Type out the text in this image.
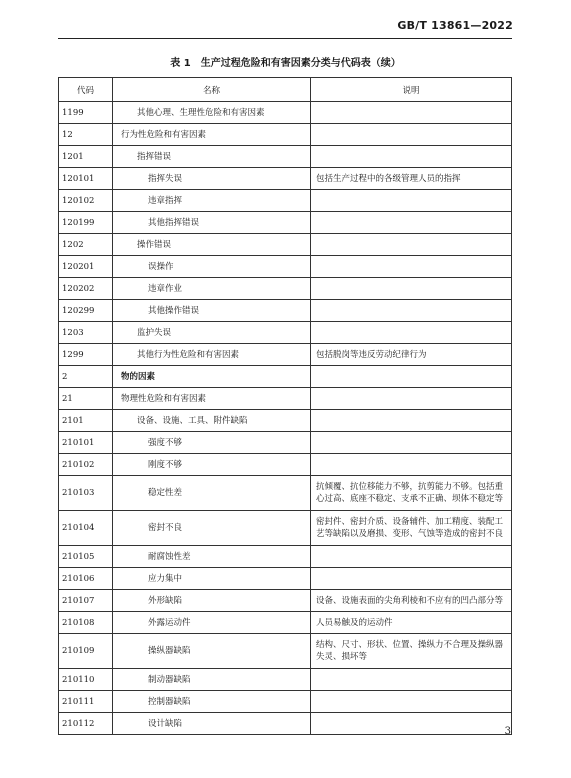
GB/T 13861—2022
表 1　生产过程危险和有害因素分类与代码表（续）
代码	名称	说明
1199	其他心理、生理性危险和有害因素	
12	行为性危险和有害因素	
1201	指挥错误	
120101	指挥失误	包括生产过程中的各级管理人员的指挥
120102	违章指挥	
120199	其他指挥错误	
1202	操作错误	
120201	误操作	
120202	违章作业	
120299	其他操作错误	
1203	监护失误	
1299	其他行为性危险和有害因素	包括脱岗等违反劳动纪律行为
2	物的因素	
21	物理性危险和有害因素	
2101	设备、设施、工具、附件缺陷	
210101	强度不够	
210102	刚度不够	
210103	稳定性差	抗倾覆、抗位移能力不够，抗剪能力不够。包括重心过高、底座不稳定、支承不正确、坝体不稳定等
210104	密封不良	密封件、密封介质、设备辅件、加工精度、装配工艺等缺陷以及磨损、变形、气蚀等造成的密封不良
210105	耐腐蚀性差	
210106	应力集中	
210107	外形缺陷	设备、设施表面的尖角利棱和不应有的凹凸部分等
210108	外露运动件	人员易触及的运动件
210109	操纵器缺陷	结构、尺寸、形状、位置、操纵力不合理及操纵器失灵、损坏等
210110	制动器缺陷	
210111	控制器缺陷	
210112	设计缺陷	
3
